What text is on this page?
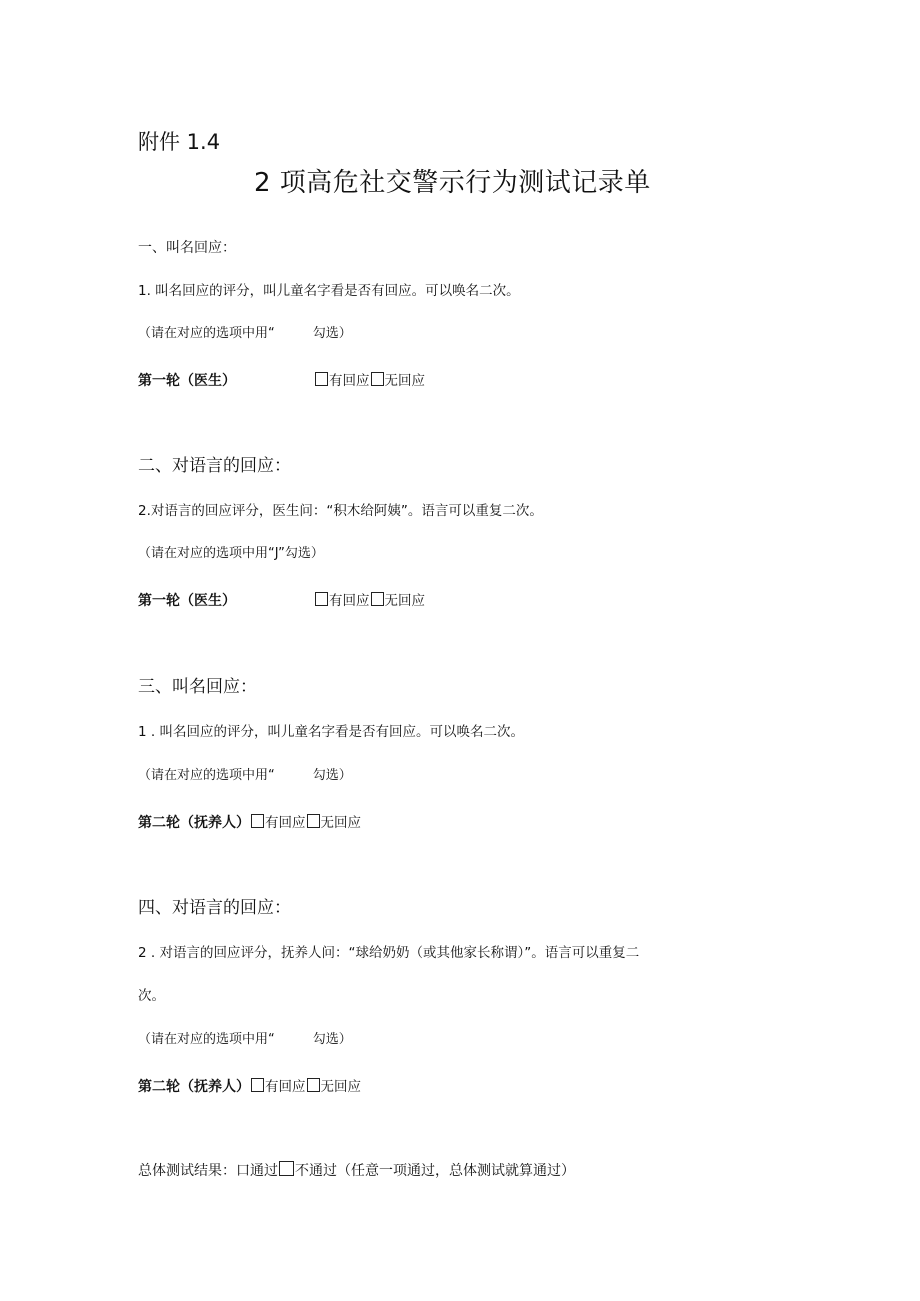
附件 1.4
2 项高危社交警示行为测试记录单
一、叫名回应：
1. 叫名回应的评分，叫儿童名字看是否有回应。可以唤名二次。
（请在对应的选项中用“	勾选）
第一轮（医生）	有回应 无回应
二、对语言的回应：
2.对语言的回应评分，医生问：“积木给阿姨”。语言可以重复二次。
（请在对应的选项中用“J”勾选）
第一轮（医生）	有回应 无回应
三、叫名回应：
1 . 叫名回应的评分，叫儿童名字看是否有回应。可以唤名二次。
（请在对应的选项中用“	勾选）
第二轮（抚养人） 有回应 无回应
四、对语言的回应：
2 . 对语言的回应评分，抚养人问：“球给奶奶（或其他家长称谓）”。语言可以重复二
次。
（请在对应的选项中用“	勾选）
第二轮（抚养人） 有回应 无回应
总体测试结果：口通过 不通过（任意一项通过，总体测试就算通过）
